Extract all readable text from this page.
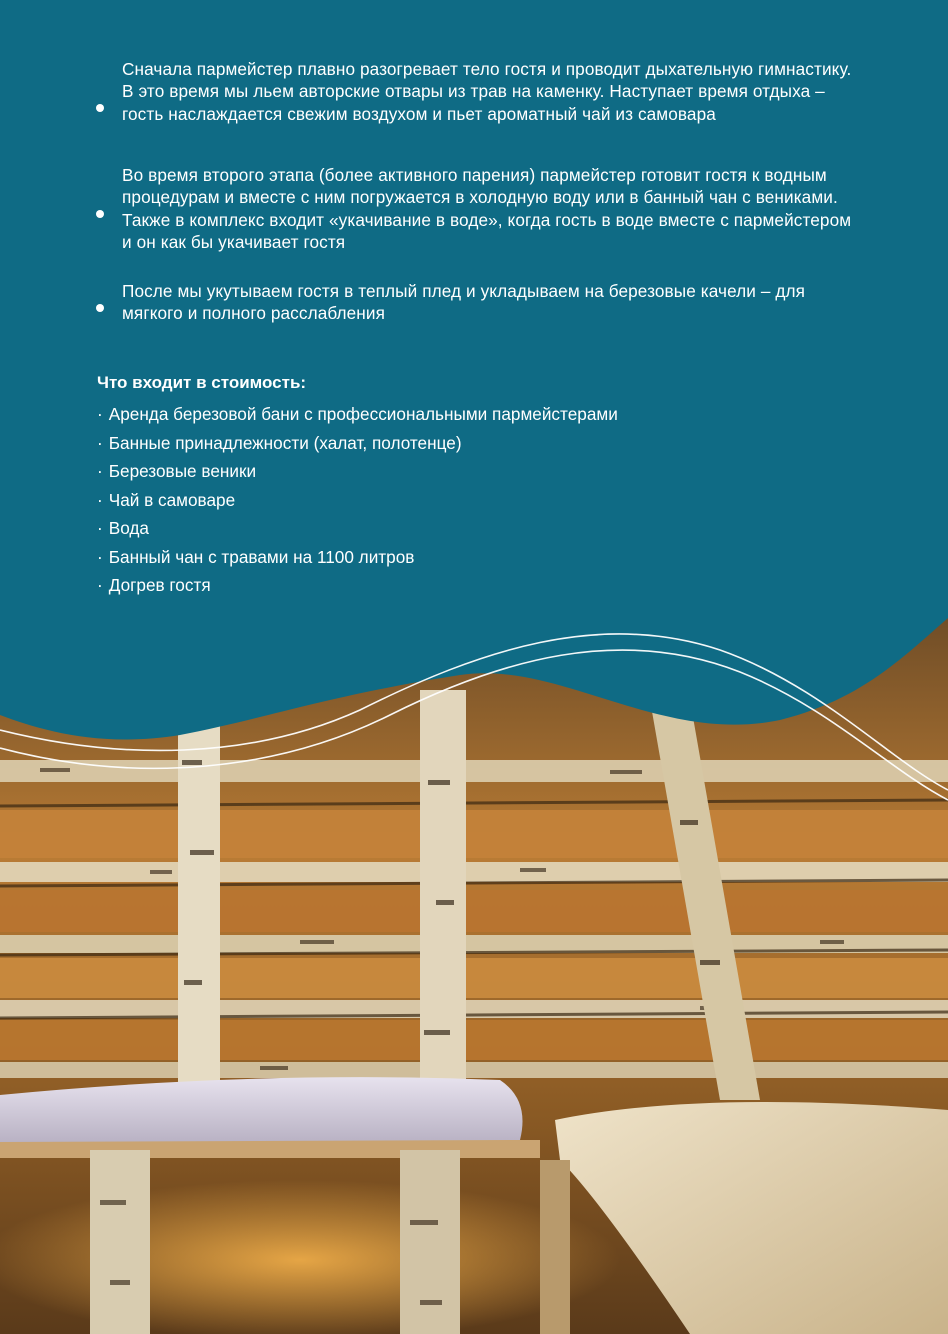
Сначала пармейстер плавно разогревает тело гостя и проводит дыхательную гимнастику. В это время мы льем авторские отвары из трав на каменку. Наступает время отдыха – гость наслаждается свежим воздухом и пьет ароматный чай из самовара
Во время второго этапа (более активного парения) пармейстер готовит гостя к водным процедурам и вместе с ним погружается в холодную воду или в банный чан с вениками. Также в комплекс входит «укачивание в воде», когда гость в воде вместе с пармейстером и он как бы укачивает гостя
После мы укутываем гостя в теплый плед и укладываем на березовые качели – для мягкого и полного расслабления
Что входит в стоимость:
· Аренда березовой бани с профессиональными пармейстерами
· Банные принадлежности (халат, полотенце)
· Березовые веники
· Чай в самоваре
· Вода
· Банный чан с травами на 1100 литров
· Догрев гостя
